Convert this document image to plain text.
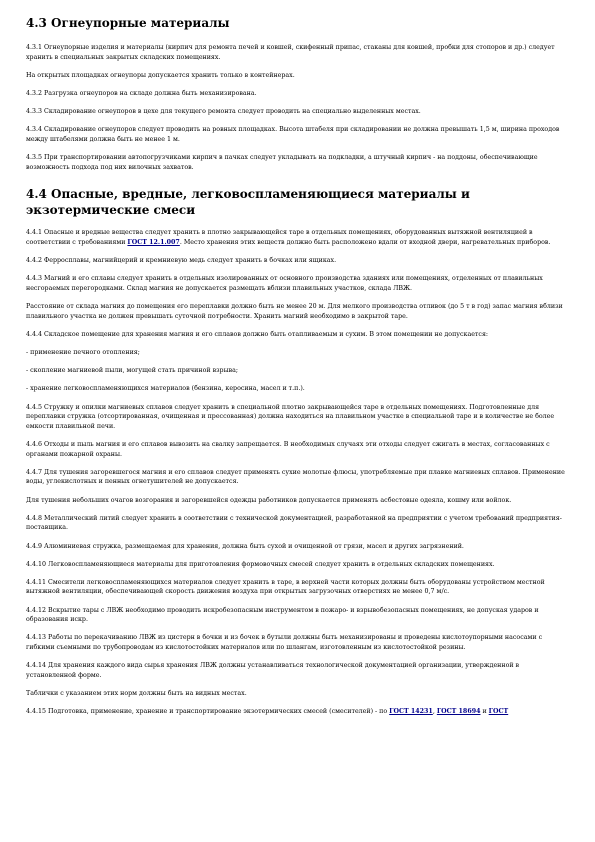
4.3 Огнеупорные материалы

4.3.1 Огнеупорные изделия и материалы (кирпич для ремонта печей и ковшей, скифенный припас, стаканы для ковшей, пробки для стопоров и др.) следует хранить в специальных закрытых складских помещениях.

На открытых площадках огнеупоры допускается хранить только в контейнерах.

4.3.2 Разгрузка огнеупоров на складе должна быть механизирована.

4.3.3 Складирование огнеупоров в цехе для текущего ремонта следует проводить на специально выделенных местах.

4.3.4 Складирование огнеупоров следует проводить на ровных площадках. Высота штабеля при складировании не должна превышать 1,5 м, ширина проходов между штабелями должна быть не менее 1 м.

4.3.5 При транспортировании автопогрузчиками кирпич в пачках следует укладывать на подкладки, а штучный кирпич - на поддоны, обеспечивающие возможность подхода под них вилочных захватов.

4.4 Опасные, вредные, легковоспламеняющиеся материалы и экзотермические смеси

4.4.1 Опасные и вредные вещества следует хранить в плотно закрывающейся таре в отдельных помещениях, оборудованных вытяжной вентиляцией в соответствии с требованиями ГОСТ 12.1.007. Место хранения этих веществ должно быть расположено вдали от входной двери, нагревательных приборов.

4.4.2 Ферросплавы, магнийцерий и кремниевую медь следует хранить в бочках или ящиках.

4.4.3 Магний и его сплавы следует хранить в отдельных изолированных от основного производства зданиях или помещениях, отделенных от плавильных несгораемых перегородками. Склад магния не допускается размещать вблизи плавильных участков, склада ЛВЖ.

Расстояние от склада магния до помещения его переплавки должно быть не менее 20 м. Для мелкого производства отливок (до 5 т в год) запас магния вблизи плавильного участка не должен превышать суточной потребности. Хранить магний необходимо в закрытой таре.

4.4.4 Складское помещение для хранения магния и его сплавов должно быть отапливаемым и сухим. В этом помещении не допускается:

- применение печного отопления;

- скопление магниевой пыли, могущей стать причиной взрыва;

- хранение легковоспламеняющихся материалов (бензина, керосина, масел и т.п.).

4.4.5 Стружку и опилки магниевых сплавов следует хранить в специальной плотно закрывающейся таре в отдельных помещениях. Подготовленные для переплавки стружка (отсортированная, очищенная и прессованная) должна находиться на плавильном участке в специальной таре и в количестве не более емкости плавильной печи.

4.4.6 Отходы и пыль магния и его сплавов вывозить на свалку запрещается. В необходимых случаях эти отходы следует сжигать в местах, согласованных с органами пожарной охраны.

4.4.7 Для тушения загоревшегося магния и его сплавов следует применять сухие молотые флюсы, употребляемые при плавке магниевых сплавов. Применение воды, углекислотных и пенных огнетушителей не допускается.

Для тушения небольших очагов возгорания и загоревшейся одежды работников допускается применять асбестовые одеяла, кошму или войлок.

4.4.8 Металлический литий следует хранить в соответствии с технической документацией, разработанной на предприятии с учетом требований предприятия-поставщика.

4.4.9 Алюминиевая стружка, размещаемая для хранения, должна быть сухой и очищенной от грязи, масел и других загрязнений.

4.4.10 Легковоспламеняющиеся материалы для приготовления формовочных смесей следует хранить в отдельных складских помещениях.

4.4.11 Смесители легковоспламеняющихся материалов следует хранить в таре, в верхней части которых должны быть оборудованы устройством местной вытяжной вентиляции, обеспечивающей скорость движения воздуха при открытых загрузочных отверстиях не менее 0,7 м/с.

4.4.12 Вскрытие тары с ЛВЖ необходимо проводить искробезопасным инструментом в пожаро- и взрывобезопасных помещениях, не допуская ударов и образования искр.

4.4.13 Работы по перекачиванию ЛВЖ из цистерн в бочки и из бочек в бутыли должны быть механизированы и проведены кислотоупорными насосами с гибкими съемными по трубопроводам из кислотостойких материалов или по шлангам, изготовленным из кислотостойкой резины.

4.4.14 Для хранения каждого вида сырья хранения ЛВЖ должны устанавливаться технологической документацией организации, утвержденной в установленной форме.

Таблички с указанием этих норм должны быть на видных местах.

4.4.15 Подготовка, применение, хранение и транспортирование экзотермических смесей (смесителей) - по ГОСТ 14231, ГОСТ 18694 и ГОСТ
